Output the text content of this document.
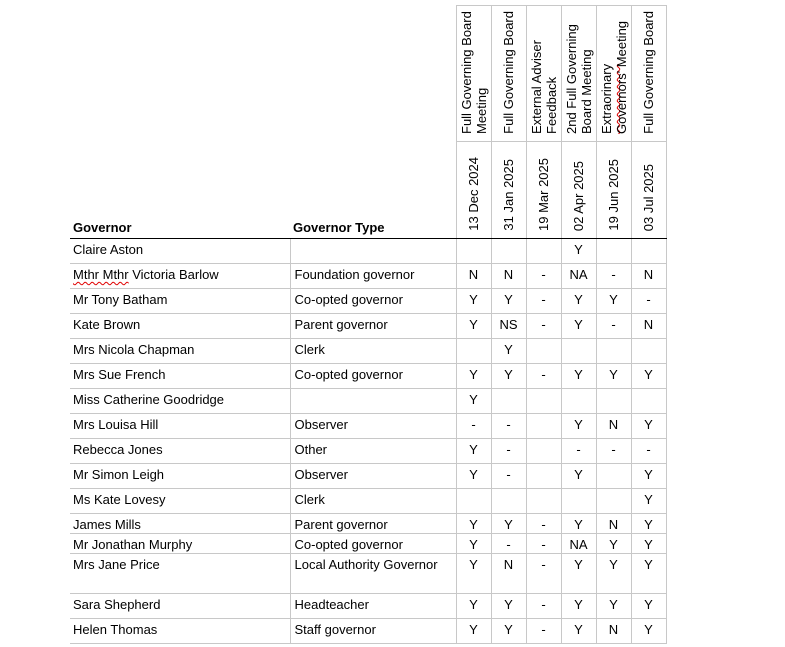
		Full Governing Board Meeting	Full Governing Board	External Adviser Feedback	2nd Full Governing Board Meeting	Extraorinary Governors' Meeting	Full Governing Board
Governor	Governor Type	13 Dec 2024	31 Jan 2025	19 Mar 2025	02 Apr 2025	19 Jun 2025	03 Jul 2025
Claire Aston					Y		
Mthr Mthr Victoria Barlow	Foundation governor	N	N	-	NA	-	N
Mr Tony Batham	Co-opted governor	Y	Y	-	Y	Y	-
Kate Brown	Parent governor	Y	NS	-	Y	-	N
Mrs Nicola Chapman	Clerk		Y				
Mrs Sue French	Co-opted governor	Y	Y	-	Y	Y	Y
Miss Catherine Goodridge		Y					
Mrs Louisa Hill	Observer	-	-		Y	N	Y
Rebecca Jones	Other	Y	-		-	-	-
Mr Simon Leigh	Observer	Y	-		Y		Y
Ms Kate Lovesy	Clerk						Y
James Mills	Parent governor	Y	Y	-	Y	N	Y
Mr Jonathan Murphy	Co-opted governor	Y	-	-	NA	Y	Y
Mrs Jane Price	Local Authority Governor	Y	N	-	Y	Y	Y
Sara Shepherd	Headteacher	Y	Y	-	Y	Y	Y
Helen Thomas	Staff governor	Y	Y	-	Y	N	Y
